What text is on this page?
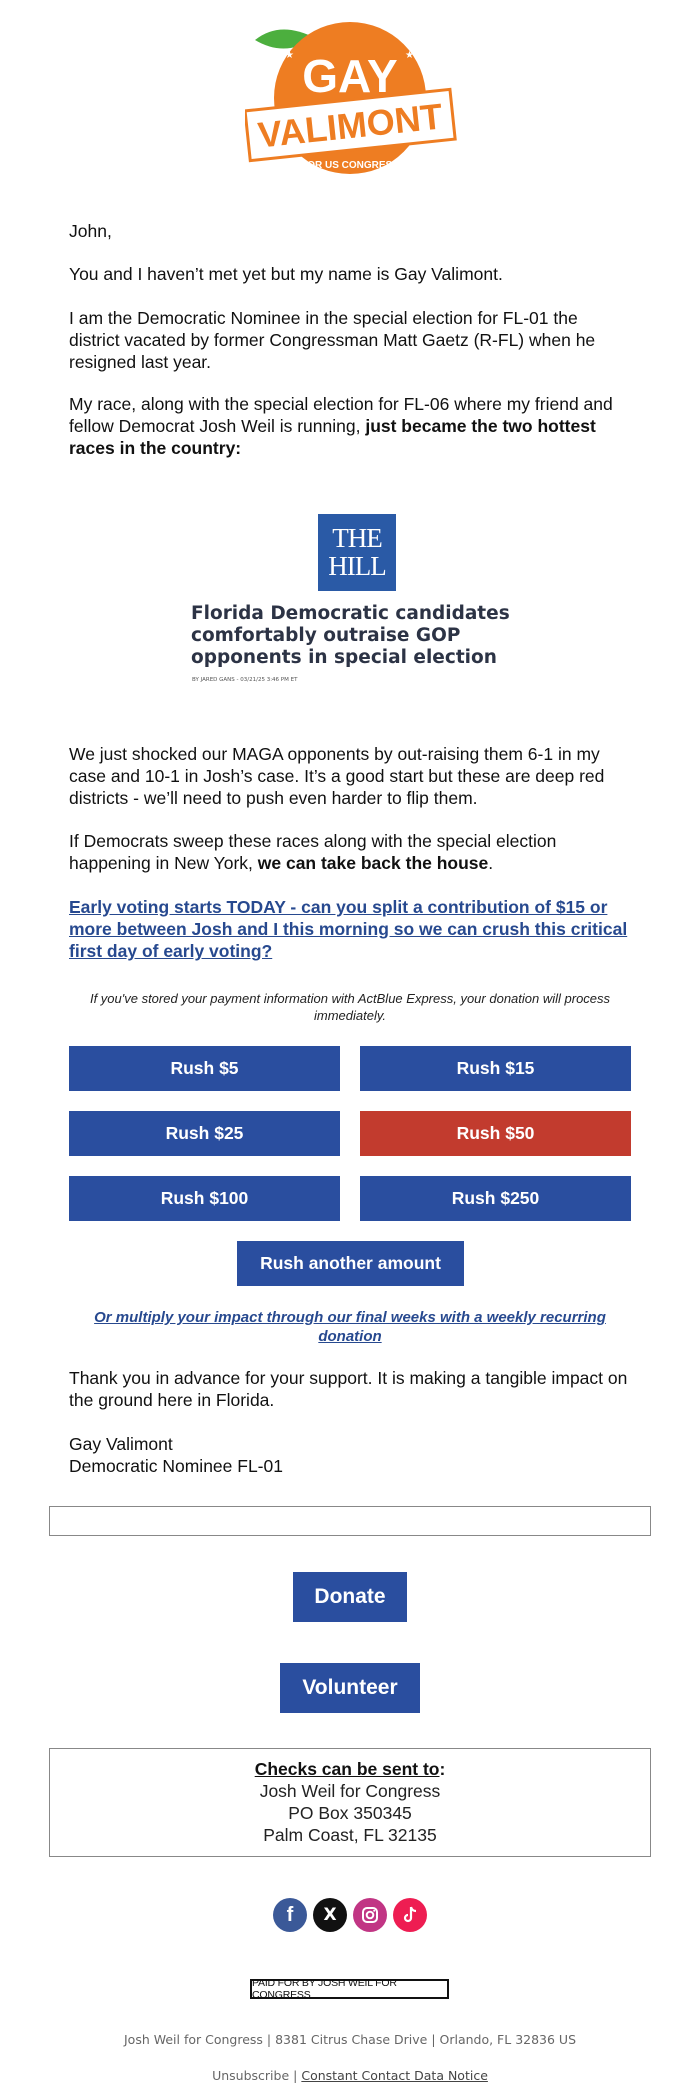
GAY
★	★
VALIMONT
FOR US CONGRESS
John,
You and I haven’t met yet but my name is Gay Valimont.
I am the Democratic Nominee in the special election for FL-01 the district vacated by former Congressman Matt Gaetz (R-FL) when he resigned last year.
My race, along with the special election for FL-06 where my friend and fellow Democrat Josh Weil is running, just became the two hottest races in the country:
THE
HILL
Florida Democratic candidates
comfortably outraise GOP
opponents in special election
BY JARED GANS - 03/21/25 3:46 PM ET
We just shocked our MAGA opponents by out-raising them 6-1 in my case and 10-1 in Josh’s case. It’s a good start but these are deep red districts - we’ll need to push even harder to flip them.
If Democrats sweep these races along with the special election happening in New York, we can take back the house.
Early voting starts TODAY - can you split a contribution of $15 or more between Josh and I this morning so we can crush this critical first day of early voting?
If you've stored your payment information with ActBlue Express, your donation will process immediately.
Rush $5	Rush $15
Rush $25	Rush $50
Rush $100	Rush $250
Rush another amount
Or multiply your impact through our final weeks with a weekly recurring donation
Thank you in advance for your support. It is making a tangible impact on the ground here in Florida.
Gay Valimont
Democratic Nominee FL-01
Donate
Volunteer
Checks can be sent to:
Josh Weil for Congress
PO Box 350345
Palm Coast, FL 32135
f X
PAID FOR BY JOSH WEIL FOR CONGRESS
Josh Weil for Congress | 8381 Citrus Chase Drive | Orlando, FL 32836 US
Unsubscribe | Constant Contact Data Notice
